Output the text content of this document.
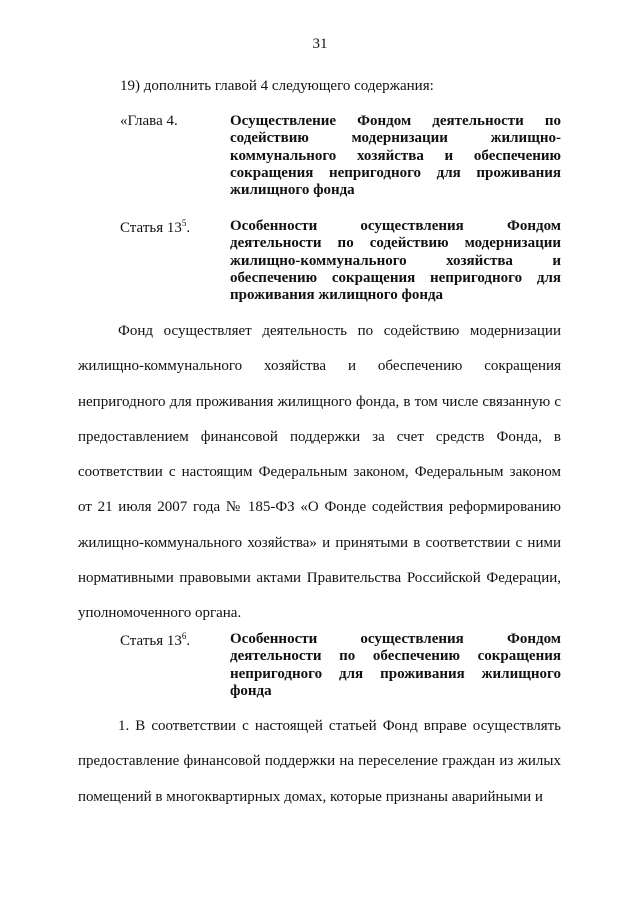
31
19) дополнить главой 4 следующего содержания:
«Глава 4.	Осуществление Фондом деятельности по содействию модернизации жилищно-коммунального хозяйства и обеспечению сокращения непригодного для проживания жилищного фонда
Статья $13^5$.	Особенности осуществления Фондом деятельности по содействию модернизации жилищно-коммунального хозяйства и обеспечению сокращения непригодного для проживания жилищного фонда

Фонд осуществляет деятельность по содействию модернизации жилищно-коммунального хозяйства и обеспечению сокращения непригодного для проживания жилищного фонда, в том числе связанную с предоставлением финансовой поддержки за счет средств Фонда, в соответствии с настоящим Федеральным законом, Федеральным законом от 21 июля 2007 года № 185-ФЗ «О Фонде содействия реформированию жилищно-коммунального хозяйства» и принятыми в соответствии с ними нормативными правовыми актами Правительства Российской Федерации, уполномоченного органа.

Статья $13^6$.	Особенности осуществления Фондом деятельности по обеспечению сокращения непригодного для проживания жилищного фонда

1. В соответствии с настоящей статьей Фонд вправе осуществлять предоставление финансовой поддержки на переселение граждан из жилых помещений в многоквартирных домах, которые признаны аварийными и
